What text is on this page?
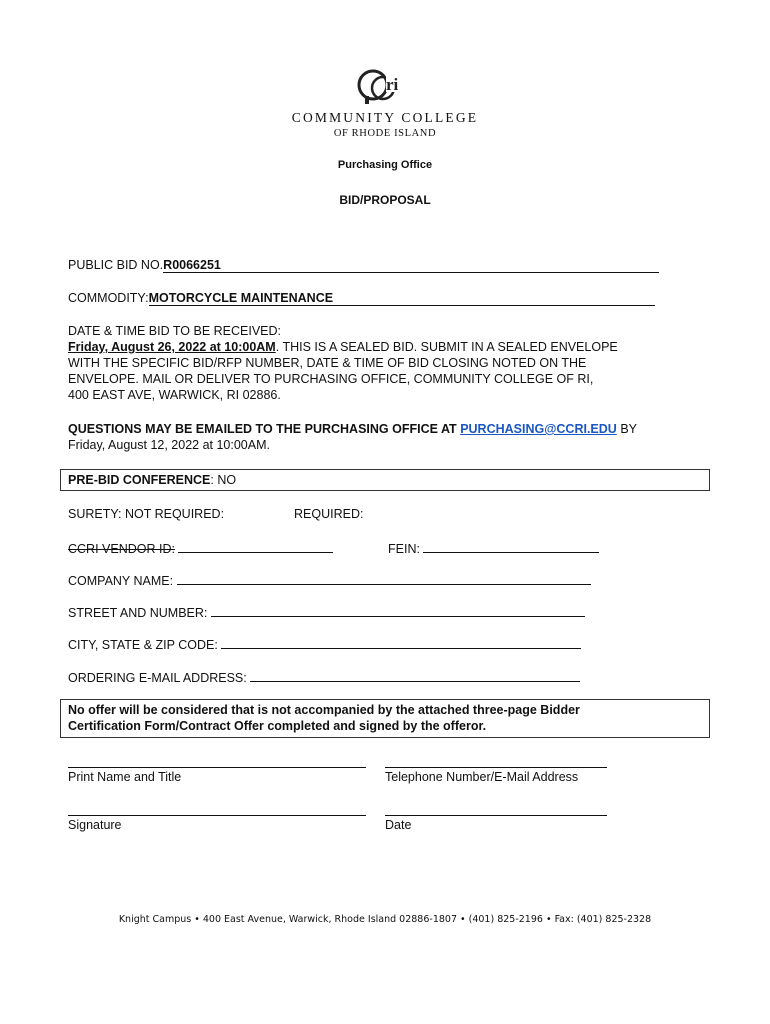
ri
COMMUNITY COLLEGE
OF RHODE ISLAND
Purchasing Office
BID/PROPOSAL
PUBLIC BID NO.R0066251
COMMODITY:MOTORCYCLE MAINTENANCE
DATE & TIME BID TO BE RECEIVED:
Friday, August 26, 2022 at 10:00AM. THIS IS A SEALED BID. SUBMIT IN A SEALED ENVELOPE
WITH THE SPECIFIC BID/RFP NUMBER, DATE & TIME OF BID CLOSING NOTED ON THE
ENVELOPE. MAIL OR DELIVER TO PURCHASING OFFICE, COMMUNITY COLLEGE OF RI,
400 EAST AVE, WARWICK, RI 02886.
QUESTIONS MAY BE EMAILED TO THE PURCHASING OFFICE AT PURCHASING@CCRI.EDU BY
Friday, August 12, 2022 at 10:00AM.
PRE-BID CONFERENCE: NO
SURETY: NOT REQUIRED:	REQUIRED:
CCRI VENDOR ID:	FEIN:
COMPANY NAME:
STREET AND NUMBER:
CITY, STATE & ZIP CODE:
ORDERING E-MAIL ADDRESS:
No offer will be considered that is not accompanied by the attached three-page Bidder
Certification Form/Contract Offer completed and signed by the offeror.
Print Name and Title	Telephone Number/E-Mail Address
Signature	Date
Knight Campus • 400 East Avenue, Warwick, Rhode Island 02886-1807 • (401) 825-2196 • Fax: (401) 825-2328
